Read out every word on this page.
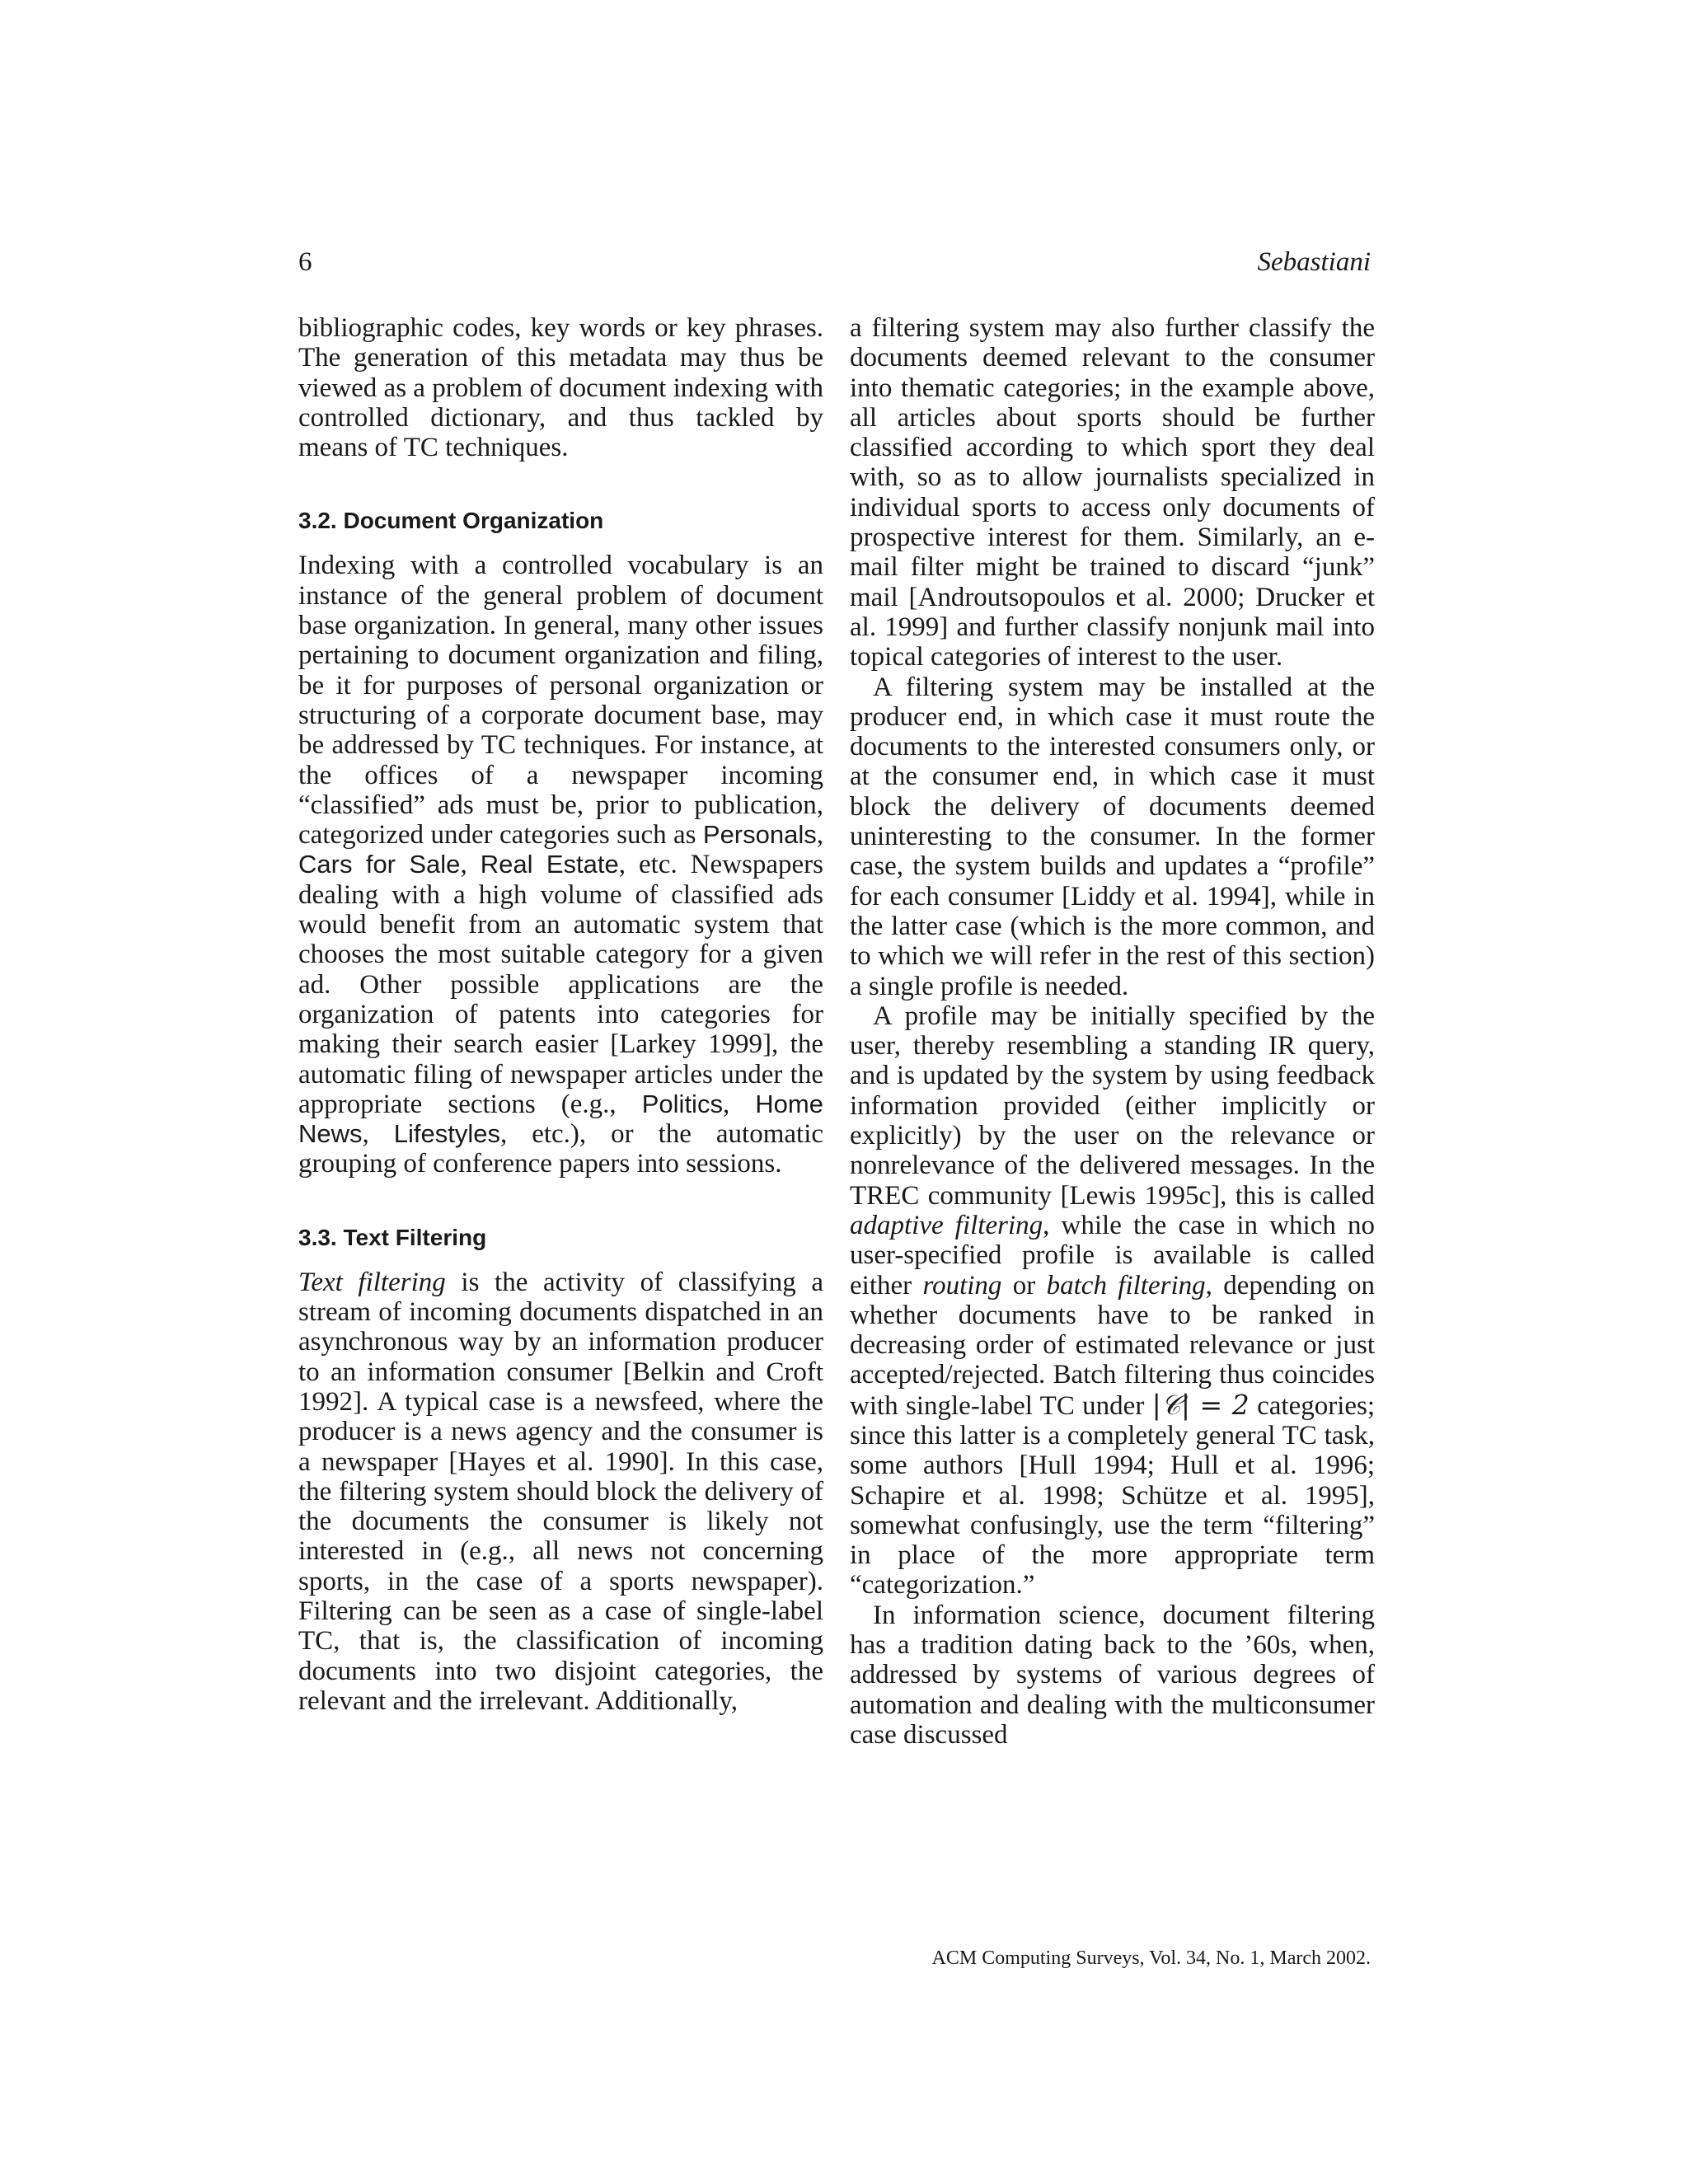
6	Sebastiani

bibliographic codes, key words or key phrases. The generation of this metadata may thus be viewed as a problem of document indexing with controlled dictionary, and thus tackled by means of TC techniques.

3.2. Document Organization

Indexing with a controlled vocabulary is an instance of the general problem of document base organization. In general, many other issues pertaining to document organization and filing, be it for purposes of personal organization or structuring of a corporate document base, may be addressed by TC techniques. For instance, at the offices of a newspaper incoming “classified” ads must be, prior to publication, categorized under categories such as Personals, Cars for Sale, Real Estate, etc. Newspapers dealing with a high volume of classified ads would benefit from an automatic system that chooses the most suitable category for a given ad. Other possible applications are the organization of patents into categories for making their search easier [Larkey 1999], the automatic filing of newspaper articles under the appropriate sections (e.g., Politics, Home News, Lifestyles, etc.), or the automatic grouping of conference papers into sessions.

3.3. Text Filtering

Text filtering is the activity of classifying a stream of incoming documents dispatched in an asynchronous way by an information producer to an information consumer [Belkin and Croft 1992]. A typical case is a newsfeed, where the producer is a news agency and the consumer is a newspaper [Hayes et al. 1990]. In this case, the filtering system should block the delivery of the documents the consumer is likely not interested in (e.g., all news not concerning sports, in the case of a sports newspaper). Filtering can be seen as a case of single-label TC, that is, the classification of incoming documents into two disjoint categories, the relevant and the irrelevant. Additionally,

a filtering system may also further classify the documents deemed relevant to the consumer into thematic categories; in the example above, all articles about sports should be further classified according to which sport they deal with, so as to allow journalists specialized in individual sports to access only documents of prospective interest for them. Similarly, an e-mail filter might be trained to discard “junk” mail [Androutsopoulos et al. 2000; Drucker et al. 1999] and further classify nonjunk mail into topical categories of interest to the user.

A filtering system may be installed at the producer end, in which case it must route the documents to the interested consumers only, or at the consumer end, in which case it must block the delivery of documents deemed uninteresting to the consumer. In the former case, the system builds and updates a “profile” for each consumer [Liddy et al. 1994], while in the latter case (which is the more common, and to which we will refer in the rest of this section) a single profile is needed.

A profile may be initially specified by the user, thereby resembling a standing IR query, and is updated by the system by using feedback information provided (either implicitly or explicitly) by the user on the relevance or nonrelevance of the delivered messages. In the TREC community [Lewis 1995c], this is called adaptive filtering, while the case in which no user-specified profile is available is called either routing or batch filtering, depending on whether documents have to be ranked in decreasing order of estimated relevance or just accepted/rejected. Batch filtering thus coincides with single-label TC under |𝒞| = 2 categories; since this latter is a completely general TC task, some authors [Hull 1994; Hull et al. 1996; Schapire et al. 1998; Schütze et al. 1995], somewhat confusingly, use the term “filtering” in place of the more appropriate term “categorization.”

In information science, document filtering has a tradition dating back to the ’60s, when, addressed by systems of various degrees of automation and dealing with the multiconsumer case discussed

ACM Computing Surveys, Vol. 34, No. 1, March 2002.
